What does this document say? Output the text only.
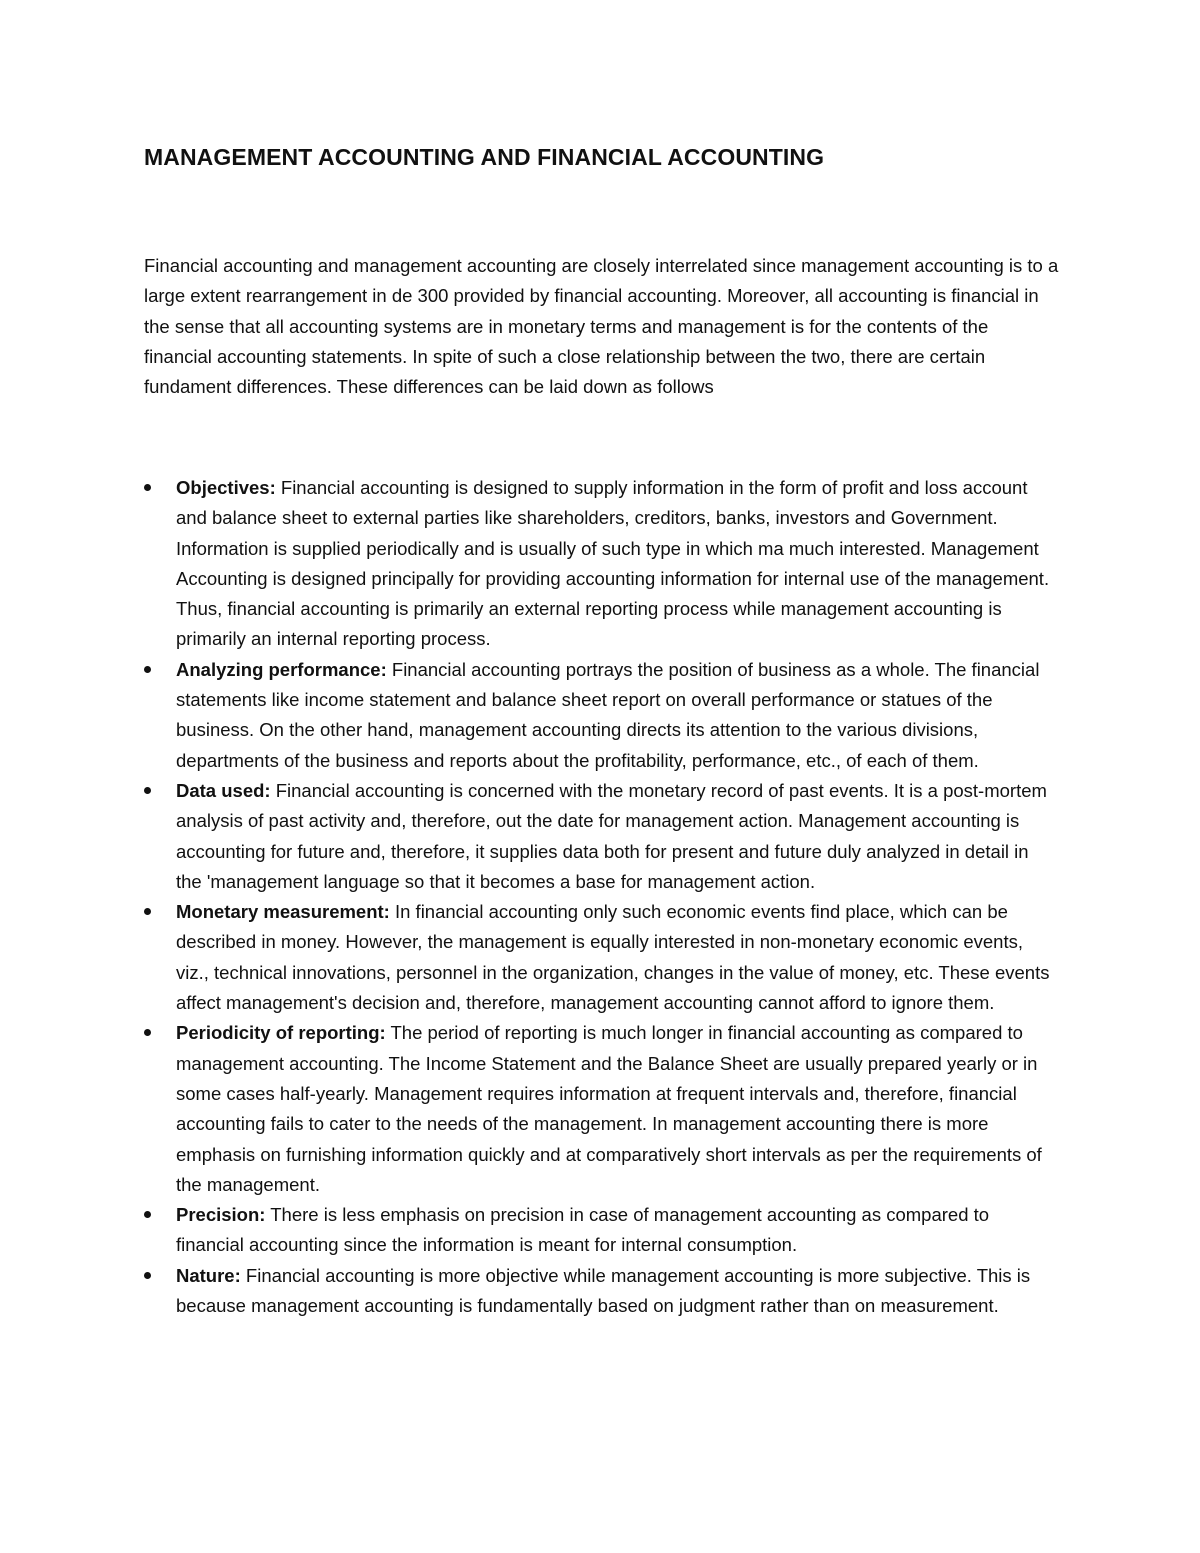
MANAGEMENT ACCOUNTING AND FINANCIAL ACCOUNTING

Financial accounting and management accounting are closely interrelated since management accounting is to a large extent rearrangement in de 300 provided by financial accounting. Moreover, all accounting is financial in the sense that all accounting systems are in monetary terms and management is for the contents of the financial accounting statements. In spite of such a close relationship between the two, there are certain fundament differences. These differences can be laid down as follows

Objectives: Financial accounting is designed to supply information in the form of profit and loss account and balance sheet to external parties like shareholders, creditors, banks, investors and Government. Information is supplied periodically and is usually of such type in which ma much interested. Management Accounting is designed principally for providing accounting information for internal use of the management. Thus, financial accounting is primarily an external reporting process while management accounting is primarily an internal reporting process.
Analyzing performance: Financial accounting portrays the position of business as a whole. The financial statements like income statement and balance sheet report on overall performance or statues of the business. On the other hand, management accounting directs its attention to the various divisions, departments of the business and reports about the profitability, performance, etc., of each of them.
Data used: Financial accounting is concerned with the monetary record of past events. It is a post-mortem analysis of past activity and, therefore, out the date for management action. Management accounting is accounting for future and, therefore, it supplies data both for present and future duly analyzed in detail in the 'management language so that it becomes a base for management action.
Monetary measurement: In financial accounting only such economic events find place, which can be described in money. However, the management is equally interested in non-monetary economic events, viz., technical innovations, personnel in the organization, changes in the value of money, etc. These events affect management's decision and, therefore, management accounting cannot afford to ignore them.
Periodicity of reporting: The period of reporting is much longer in financial accounting as compared to management accounting. The Income Statement and the Balance Sheet are usually prepared yearly or in some cases half-yearly. Management requires information at frequent intervals and, therefore, financial accounting fails to cater to the needs of the management. In management accounting there is more emphasis on furnishing information quickly and at comparatively short intervals as per the requirements of the management.
Precision: There is less emphasis on precision in case of management accounting as compared to financial accounting since the information is meant for internal consumption.
Nature: Financial accounting is more objective while management accounting is more subjective. This is because management accounting is fundamentally based on judgment rather than on measurement.
